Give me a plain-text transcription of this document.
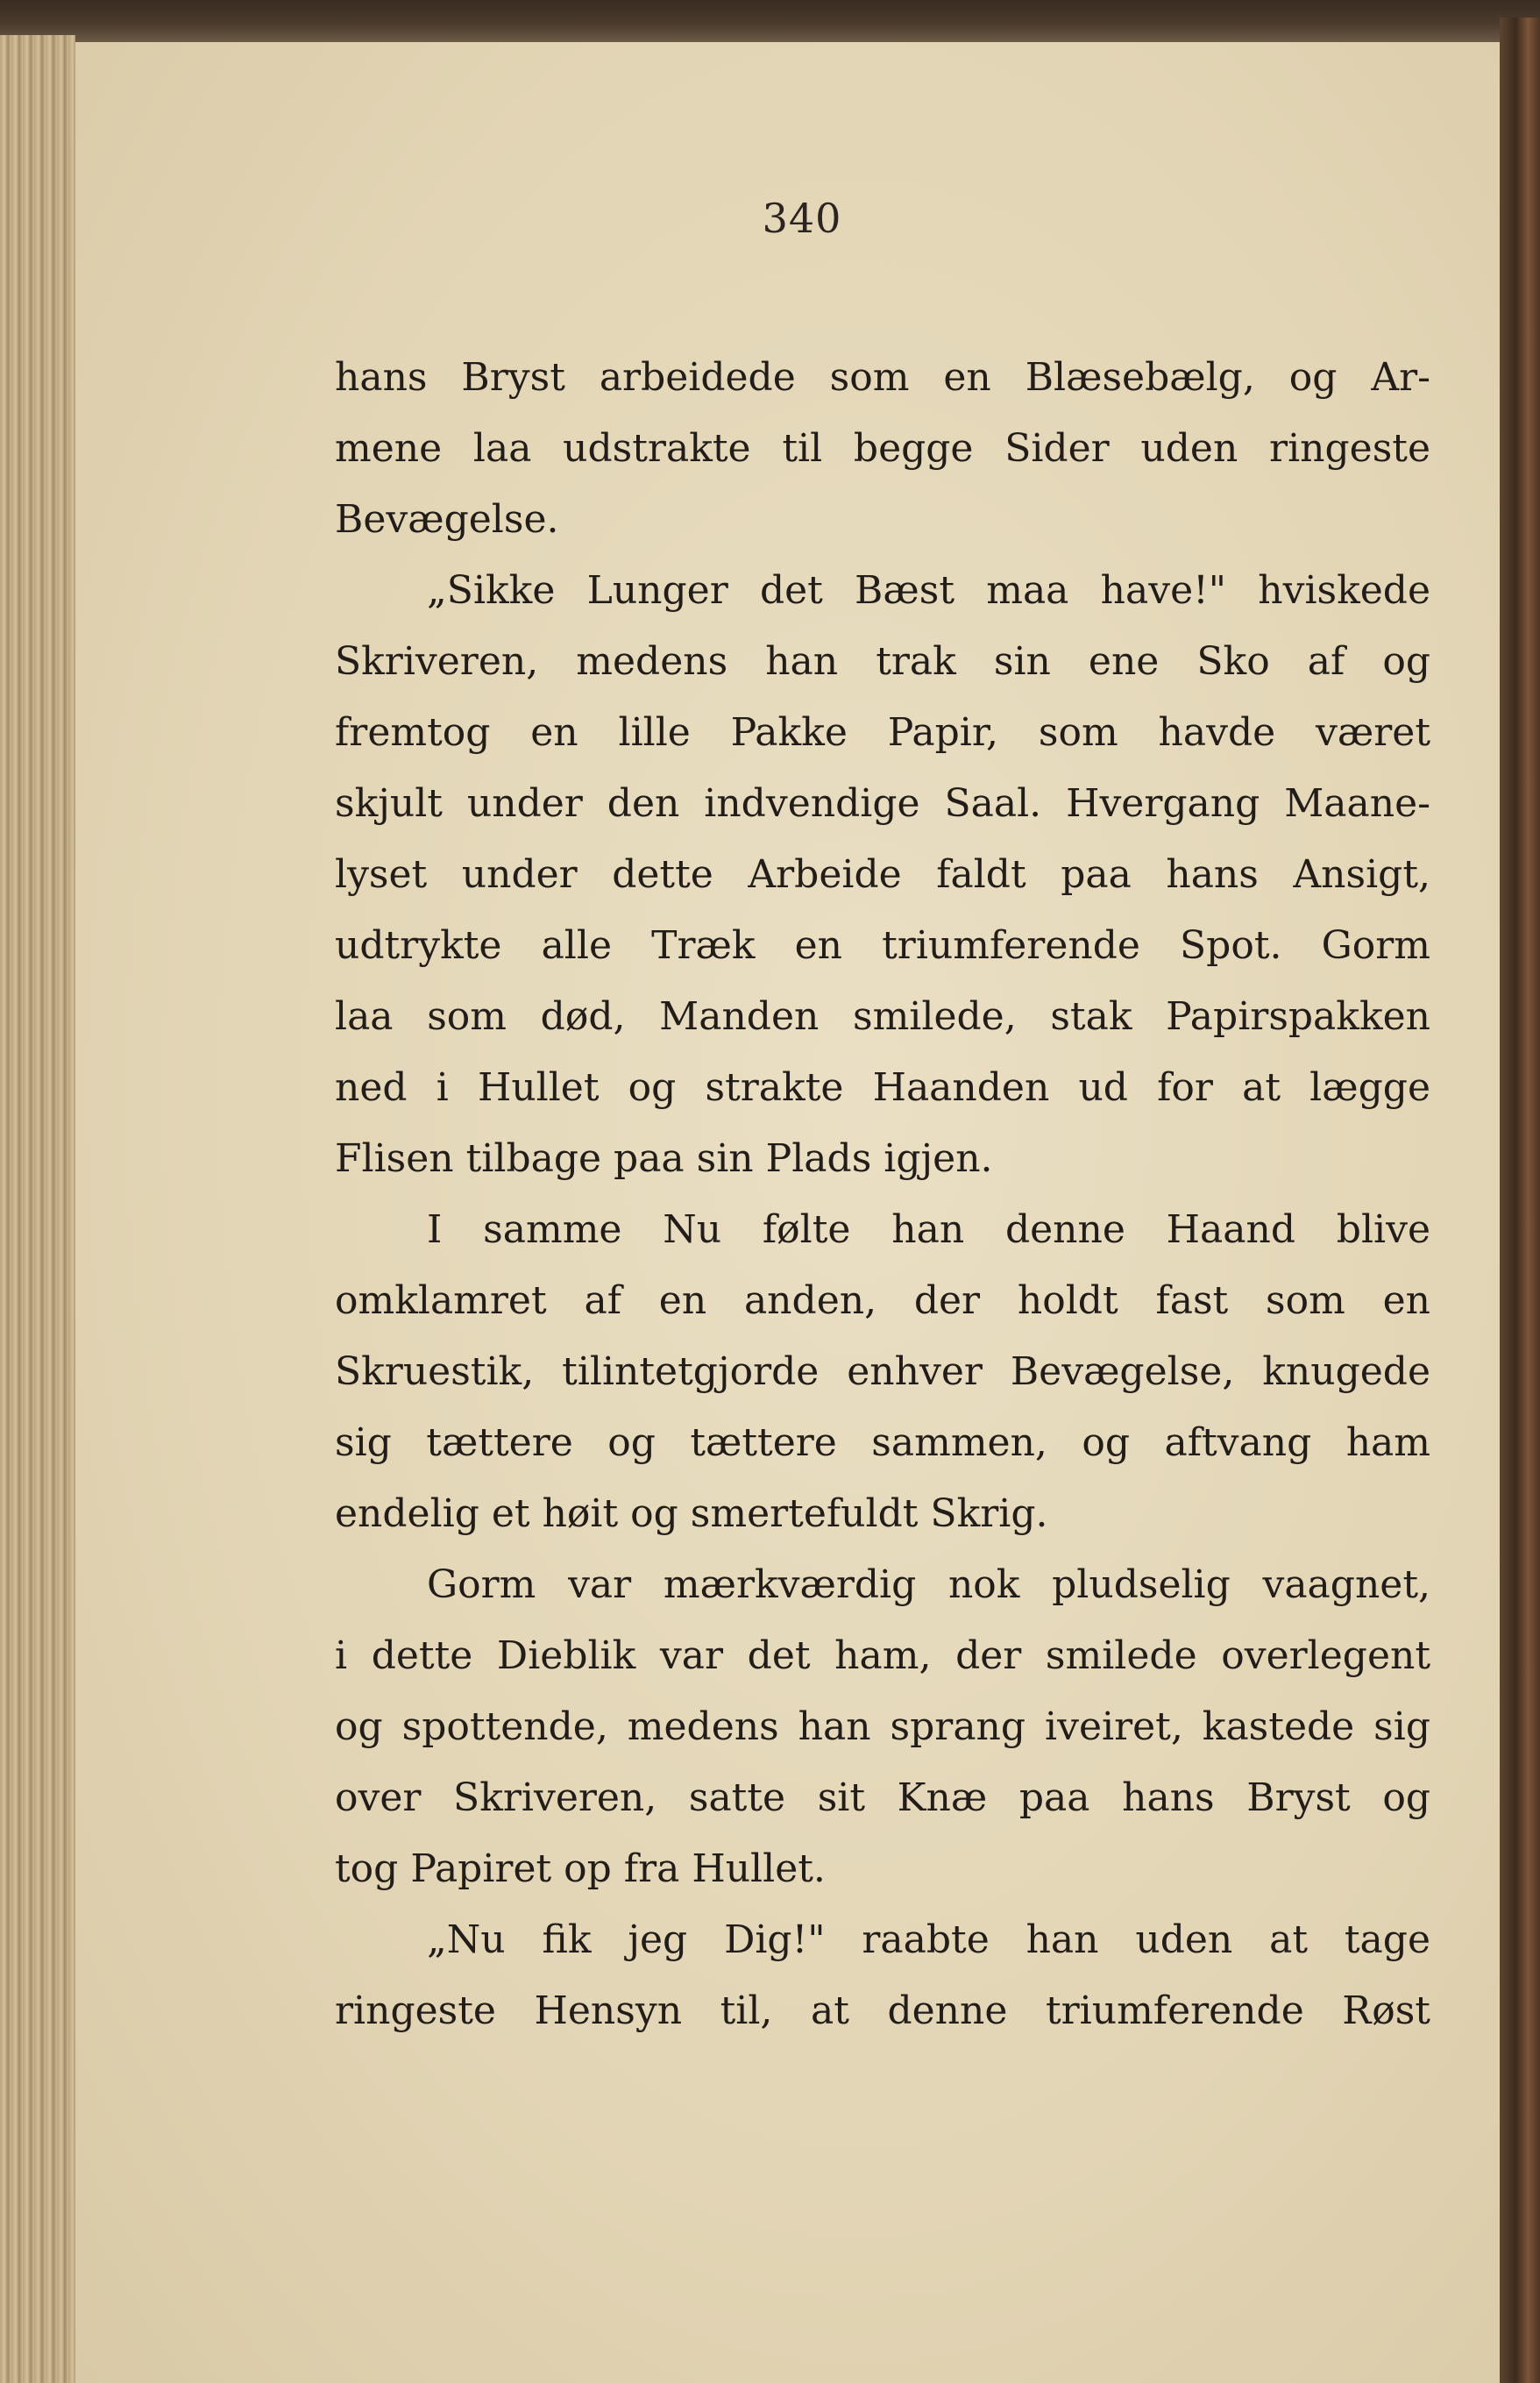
340
hans Bryst arbeidede som en Blæsebælg, og Ar-
mene laa udstrakte til begge Sider uden ringeste
Bevægelse.
„Sikke Lunger det Bæst maa have!" hviskede
Skriveren, medens han trak sin ene Sko af og
fremtog en lille Pakke Papir, som havde været
skjult under den indvendige Saal. Hvergang Maane-
lyset under dette Arbeide faldt paa hans Ansigt,
udtrykte alle Træk en triumferende Spot. Gorm
laa som død, Manden smilede, stak Papirspakken
ned i Hullet og strakte Haanden ud for at lægge
Flisen tilbage paa sin Plads igjen.
I samme Nu følte han denne Haand blive
omklamret af en anden, der holdt fast som en
Skruestik, tilintetgjorde enhver Bevægelse, knugede
sig tættere og tættere sammen, og aftvang ham
endelig et høit og smertefuldt Skrig.
Gorm var mærkværdig nok pludselig vaagnet,
i dette Dieblik var det ham, der smilede overlegent
og spottende, medens han sprang iveiret, kastede sig
over Skriveren, satte sit Knæ paa hans Bryst og
tog Papiret op fra Hullet.
„Nu fik jeg Dig!" raabte han uden at tage
ringeste Hensyn til, at denne triumferende Røst
